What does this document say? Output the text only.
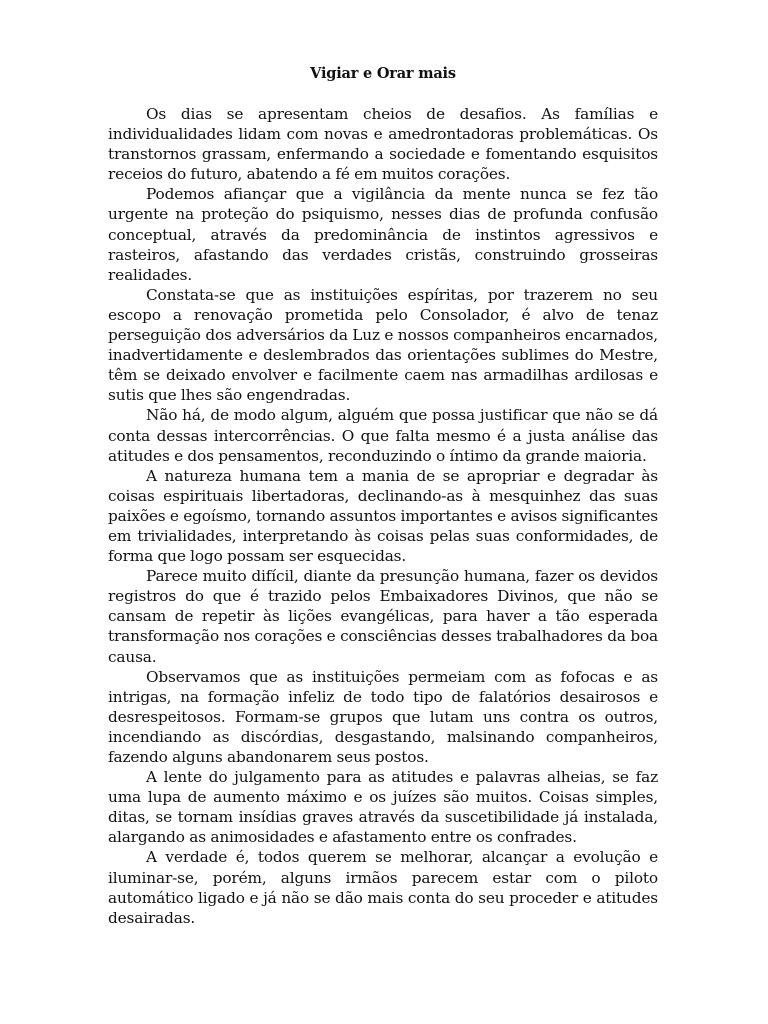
Vigiar e Orar mais

Os dias se apresentam cheios de desafios. As famílias e individualidades lidam com novas e amedrontadoras problemáticas. Os transtornos grassam, enfermando a sociedade e fomentando esquisitos receios do futuro, abatendo a fé em muitos corações.

Podemos afiançar que a vigilância da mente nunca se fez tão urgente na proteção do psiquismo, nesses dias de profunda confusão conceptual, através da predominância de instintos agressivos e rasteiros, afastando das verdades cristãs, construindo grosseiras realidades.

Constata-se que as instituições espíritas, por trazerem no seu escopo a renovação prometida pelo Consolador, é alvo de tenaz perseguição dos adversários da Luz e nossos companheiros encarnados, inadvertidamente e deslembrados das orientações sublimes do Mestre, têm se deixado envolver e facilmente caem nas armadilhas ardilosas e sutis que lhes são engendradas.

Não há, de modo algum, alguém que possa justificar que não se dá conta dessas intercorrências. O que falta mesmo é a justa análise das atitudes e dos pensamentos, reconduzindo o íntimo da grande maioria.

A natureza humana tem a mania de se apropriar e degradar às coisas espirituais libertadoras, declinando-as à mesquinhez das suas paixões e egoísmo, tornando assuntos importantes e avisos significantes em trivialidades, interpretando às coisas pelas suas conformidades, de forma que logo possam ser esquecidas.

Parece muito difícil, diante da presunção humana, fazer os devidos registros do que é trazido pelos Embaixadores Divinos, que não se cansam de repetir às lições evangélicas, para haver a tão esperada transformação nos corações e consciências desses trabalhadores da boa causa.

Observamos que as instituições permeiam com as fofocas e as intrigas, na formação infeliz de todo tipo de falatórios desairosos e desrespeitosos. Formam-se grupos que lutam uns contra os outros, incendiando as discórdias, desgastando, malsinando companheiros, fazendo alguns abandonarem seus postos.

A lente do julgamento para as atitudes e palavras alheias, se faz uma lupa de aumento máximo e os juízes são muitos. Coisas simples, ditas, se tornam insídias graves através da suscetibilidade já instalada, alargando as animosidades e afastamento entre os confrades.

A verdade é, todos querem se melhorar, alcançar a evolução e iluminar-se, porém, alguns irmãos parecem estar com o piloto automático ligado e já não se dão mais conta do seu proceder e atitudes desairadas.
